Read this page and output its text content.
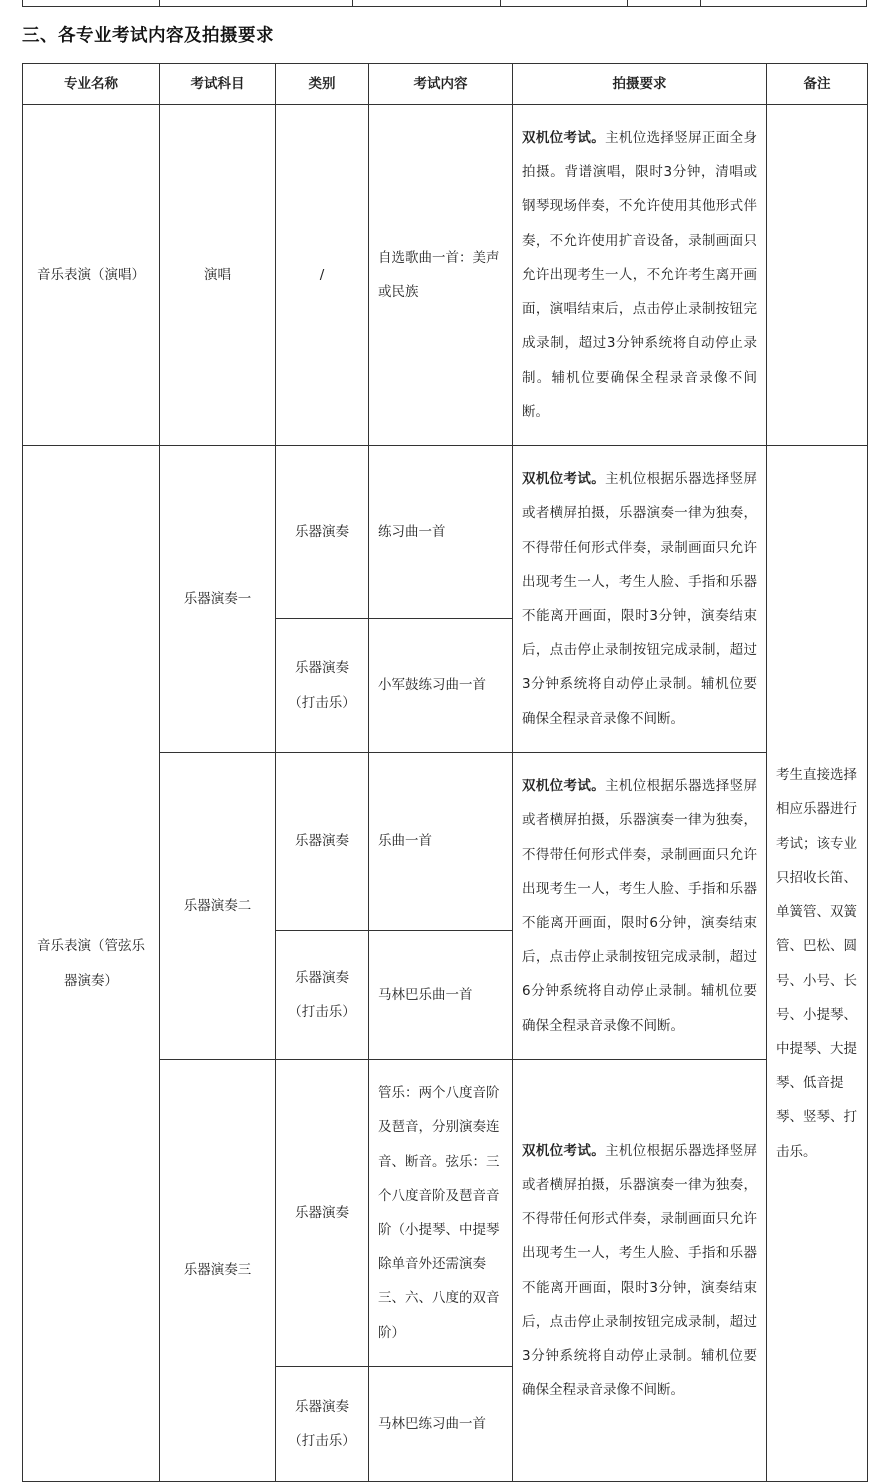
三、各专业考试内容及拍摄要求
专业名称	考试科目	类别	考试内容	拍摄要求	备注
音乐表演（演唱）	演唱	/	自选歌曲一首：美声或民族	双机位考试。主机位选择竖屏正面全身拍摄。背谱演唱，限时3分钟，清唱或钢琴现场伴奏，不允许使用其他形式伴奏，不允许使用扩音设备，录制画面只允许出现考生一人，不允许考生离开画面，演唱结束后，点击停止录制按钮完成录制，超过3分钟系统将自动停止录制。辅机位要确保全程录音录像不间断。	
音乐表演（管弦乐器演奏）	乐器演奏一	乐器演奏	练习曲一首	双机位考试。主机位根据乐器选择竖屏或者横屏拍摄，乐器演奏一律为独奏，不得带任何形式伴奏，录制画面只允许出现考生一人，考生人脸、手指和乐器不能离开画面，限时3分钟，演奏结束后，点击停止录制按钮完成录制，超过3分钟系统将自动停止录制。辅机位要确保全程录音录像不间断。	考生直接选择相应乐器进行考试；该专业只招收长笛、单簧管、双簧管、巴松、圆号、小号、长号、小提琴、中提琴、大提琴、低音提琴、竖琴、打击乐。
		乐器演奏（打击乐）	小军鼓练习曲一首		
	乐器演奏二	乐器演奏	乐曲一首	双机位考试。主机位根据乐器选择竖屏或者横屏拍摄，乐器演奏一律为独奏，不得带任何形式伴奏，录制画面只允许出现考生一人，考生人脸、手指和乐器不能离开画面，限时6分钟，演奏结束后，点击停止录制按钮完成录制，超过6分钟系统将自动停止录制。辅机位要确保全程录音录像不间断。	
		乐器演奏（打击乐）	马林巴乐曲一首		
	乐器演奏三	乐器演奏	管乐：两个八度音阶及琶音，分别演奏连音、断音。弦乐：三个八度音阶及琶音音阶（小提琴、中提琴除单音外还需演奏三、六、八度的双音阶）	双机位考试。主机位根据乐器选择竖屏或者横屏拍摄，乐器演奏一律为独奏，不得带任何形式伴奏，录制画面只允许出现考生一人，考生人脸、手指和乐器不能离开画面，限时3分钟，演奏结束后，点击停止录制按钮完成录制，超过3分钟系统将自动停止录制。辅机位要确保全程录音录像不间断。	
		乐器演奏（打击乐）	马林巴练习曲一首		
